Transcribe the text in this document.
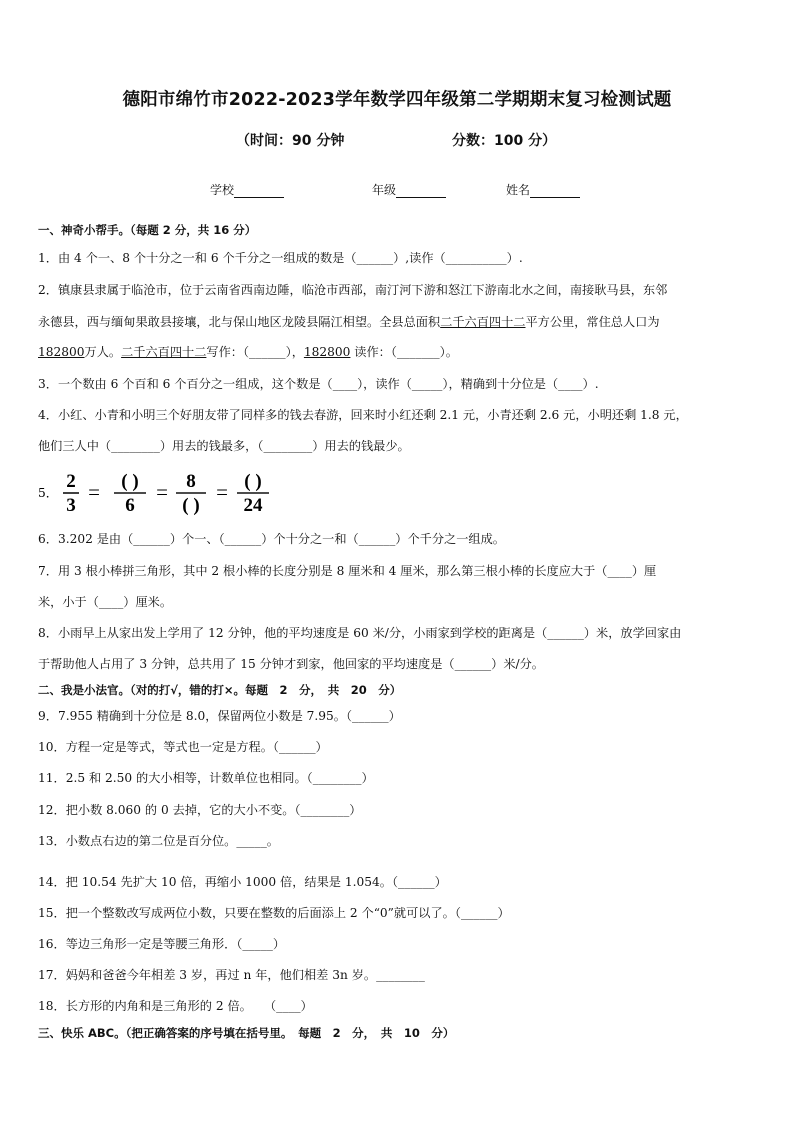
德阳市绵竹市2022-2023学年数学四年级第二学期期末复习检测试题
（时间：90 分钟	分数：100 分）
学校	年级	姓名
一、神奇小帮手。（每题 2 分，共 16 分）
1．由 4 个一、8 个十分之一和 6 个千分之一组成的数是（______）,读作（__________）.
2．镇康县隶属于临沧市，位于云南省西南边陲，临沧市西部，南汀河下游和怒江下游南北水之间，南接耿马县，东邻
永德县，西与缅甸果敢县接壤，北与保山地区龙陵县隔江相望。全县总面积二千六百四十二平方公里，常住总人口为
182800万人。二千六百四十二写作：（______），182800 读作：（_______）。
3．一个数由 6 个百和 6 个百分之一组成，这个数是（____），读作（_____），精确到十分位是（____）.
4．小红、小青和小明三个好朋友带了同样多的钱去春游，回来时小红还剩 2.1 元，小青还剩 2.6 元，小明还剩 1.8 元，
他们三人中（________）用去的钱最多，（________）用去的钱最少。
5．
2
3
= ( )
6
= 8
( )
= ( )
24
6．3.202 是由（______）个一、（______）个十分之一和（______）个千分之一组成。
7．用 3 根小棒拼三角形，其中 2 根小棒的长度分别是 8 厘米和 4 厘米，那么第三根小棒的长度应大于（____）厘
米，小于（____）厘米。
8．小雨早上从家出发上学用了 12 分钟，他的平均速度是 60 米/分，小雨家到学校的距离是（______）米，放学回家由
于帮助他人占用了 3 分钟，总共用了 15 分钟才到家，他回家的平均速度是（______）米/分。
二、我是小法官。（对的打√，错的打×。每题　2　分，　共　20　分）
9．7.955 精确到十分位是 8.0，保留两位小数是 7.95。（______）
10．方程一定是等式，等式也一定是方程。（______）
11．2.5 和 2.50 的大小相等，计数单位也相同。（________）
12．把小数 8.060 的 0 去掉，它的大小不变。（________）
13．小数点右边的第二位是百分位。_____。
14．把 10.54 先扩大 10 倍，再缩小 1000 倍，结果是 1.054。（______）
15．把一个整数改写成两位小数，只要在整数的后面添上 2 个“0”就可以了。（______）
16．等边三角形一定是等腰三角形．（_____）
17．妈妈和爸爸今年相差 3 岁，再过 n 年，他们相差 3n 岁。________
18．长方形的内角和是三角形的 2 倍。　　（____）
三、快乐 ABC。（把正确答案的序号填在括号里。　每题　2　分，　共　10　分）
